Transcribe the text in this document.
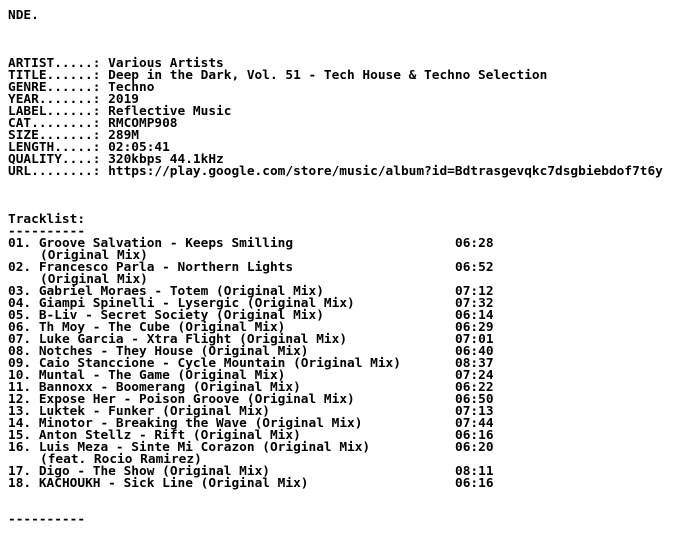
NDE.
ARTIST.....: Various Artists
TITLE......: Deep in the Dark, Vol. 51 - Tech House & Techno Selection
GENRE......: Techno
YEAR.......: 2019
LABEL......: Reflective Music
CAT........: RMCOMP908
SIZE.......: 289M
LENGTH.....: 02:05:41
QUALITY....: 320kbps 44.1kHz
URL........: https://play.google.com/store/music/album?id=Bdtrasgevqkc7dsgbiebdof7t6y
Tracklist:
----------
01. Groove Salvation - Keeps Smilling	06:28
(Original Mix)
02. Francesco Parla - Northern Lights	06:52
(Original Mix)
03. Gabriel Moraes - Totem (Original Mix)	07:12
04. Giampi Spinelli - Lysergic (Original Mix)	07:32
05. B-Liv - Secret Society (Original Mix)	06:14
06. Th Moy - The Cube (Original Mix)	06:29
07. Luke Garcia - Xtra Flight (Original Mix)	07:01
08. Notches - They House (Original Mix)	06:40
09. Caio Stanccione - Cycle Mountain (Original Mix)	08:37
10. Muntal - The Game (Original Mix)	07:24
11. Bannoxx - Boomerang (Original Mix)	06:22
12. Expose Her - Poison Groove (Original Mix)	06:50
13. Luktek - Funker (Original Mix)	07:13
14. Minotor - Breaking the Wave (Original Mix)	07:44
15. Anton Stellz - Rift (Original Mix)	06:16
16. Luis Meza - Sinte Mi Corazon (Original Mix)	06:20
(feat. Rocio Ramirez)
17. Digo - The Show (Original Mix)	08:11
18. KACHOUKH - Sick Line (Original Mix)	06:16
----------
